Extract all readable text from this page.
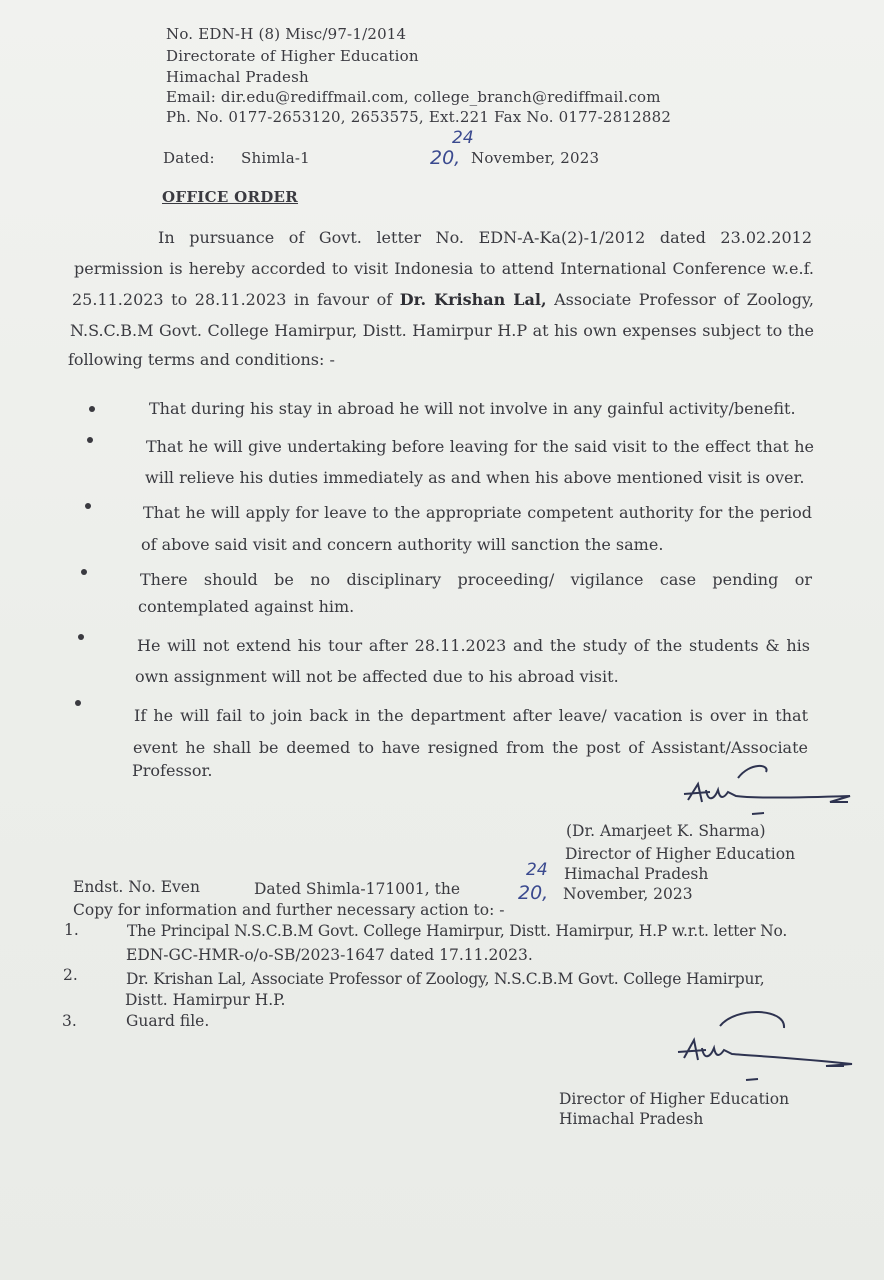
No. EDN-H (8) Misc/97-1/2014
Directorate of Higher Education
Himachal Pradesh
Email: dir.edu@rediffmail.com, college_branch@rediffmail.com
Ph. No. 0177-2653120, 2653575, Ext.221 Fax No. 0177-2812882
Dated: Shimla-1
24
20, November, 2023
OFFICE ORDER
In pursuance of Govt. letter No. EDN-A-Ka(2)-1/2012 dated 23.02.2012
permission is hereby accorded to visit Indonesia to attend International Conference w.e.f.
25.11.2023 to 28.11.2023 in favour of Dr. Krishan Lal, Associate Professor of Zoology,
N.S.C.B.M Govt. College Hamirpur, Distt. Hamirpur H.P at his own expenses subject to the
following terms and conditions: -
That during his stay in abroad he will not involve in any gainful activity/benefit.
That he will give undertaking before leaving for the said visit to the effect that he
will relieve his duties immediately as and when his above mentioned visit is over.
That he will apply for leave to the appropriate competent authority for the period
of above said visit and concern authority will sanction the same.
There should be no disciplinary proceeding/ vigilance case pending or
contemplated against him.
He will not extend his tour after 28.11.2023 and the study of the students & his
own assignment will not be affected due to his abroad visit.
If he will fail to join back in the department after leave/ vacation is over in that
event he shall be deemed to have resigned from the post of Assistant/Associate
Professor.
(Dr. Amarjeet K. Sharma)
Director of Higher Education
Himachal Pradesh
Endst. No. Even	Dated Shimla-171001, the
24
20, November, 2023
Copy for information and further necessary action to: -
1.	The Principal N.S.C.B.M Govt. College Hamirpur, Distt. Hamirpur, H.P w.r.t. letter No.
EDN-GC-HMR-o/o-SB/2023-1647 dated 17.11.2023.
2.	Dr. Krishan Lal, Associate Professor of Zoology, N.S.C.B.M Govt. College Hamirpur,
Distt. Hamirpur H.P.
3.	Guard file.
Director of Higher Education
Himachal Pradesh
